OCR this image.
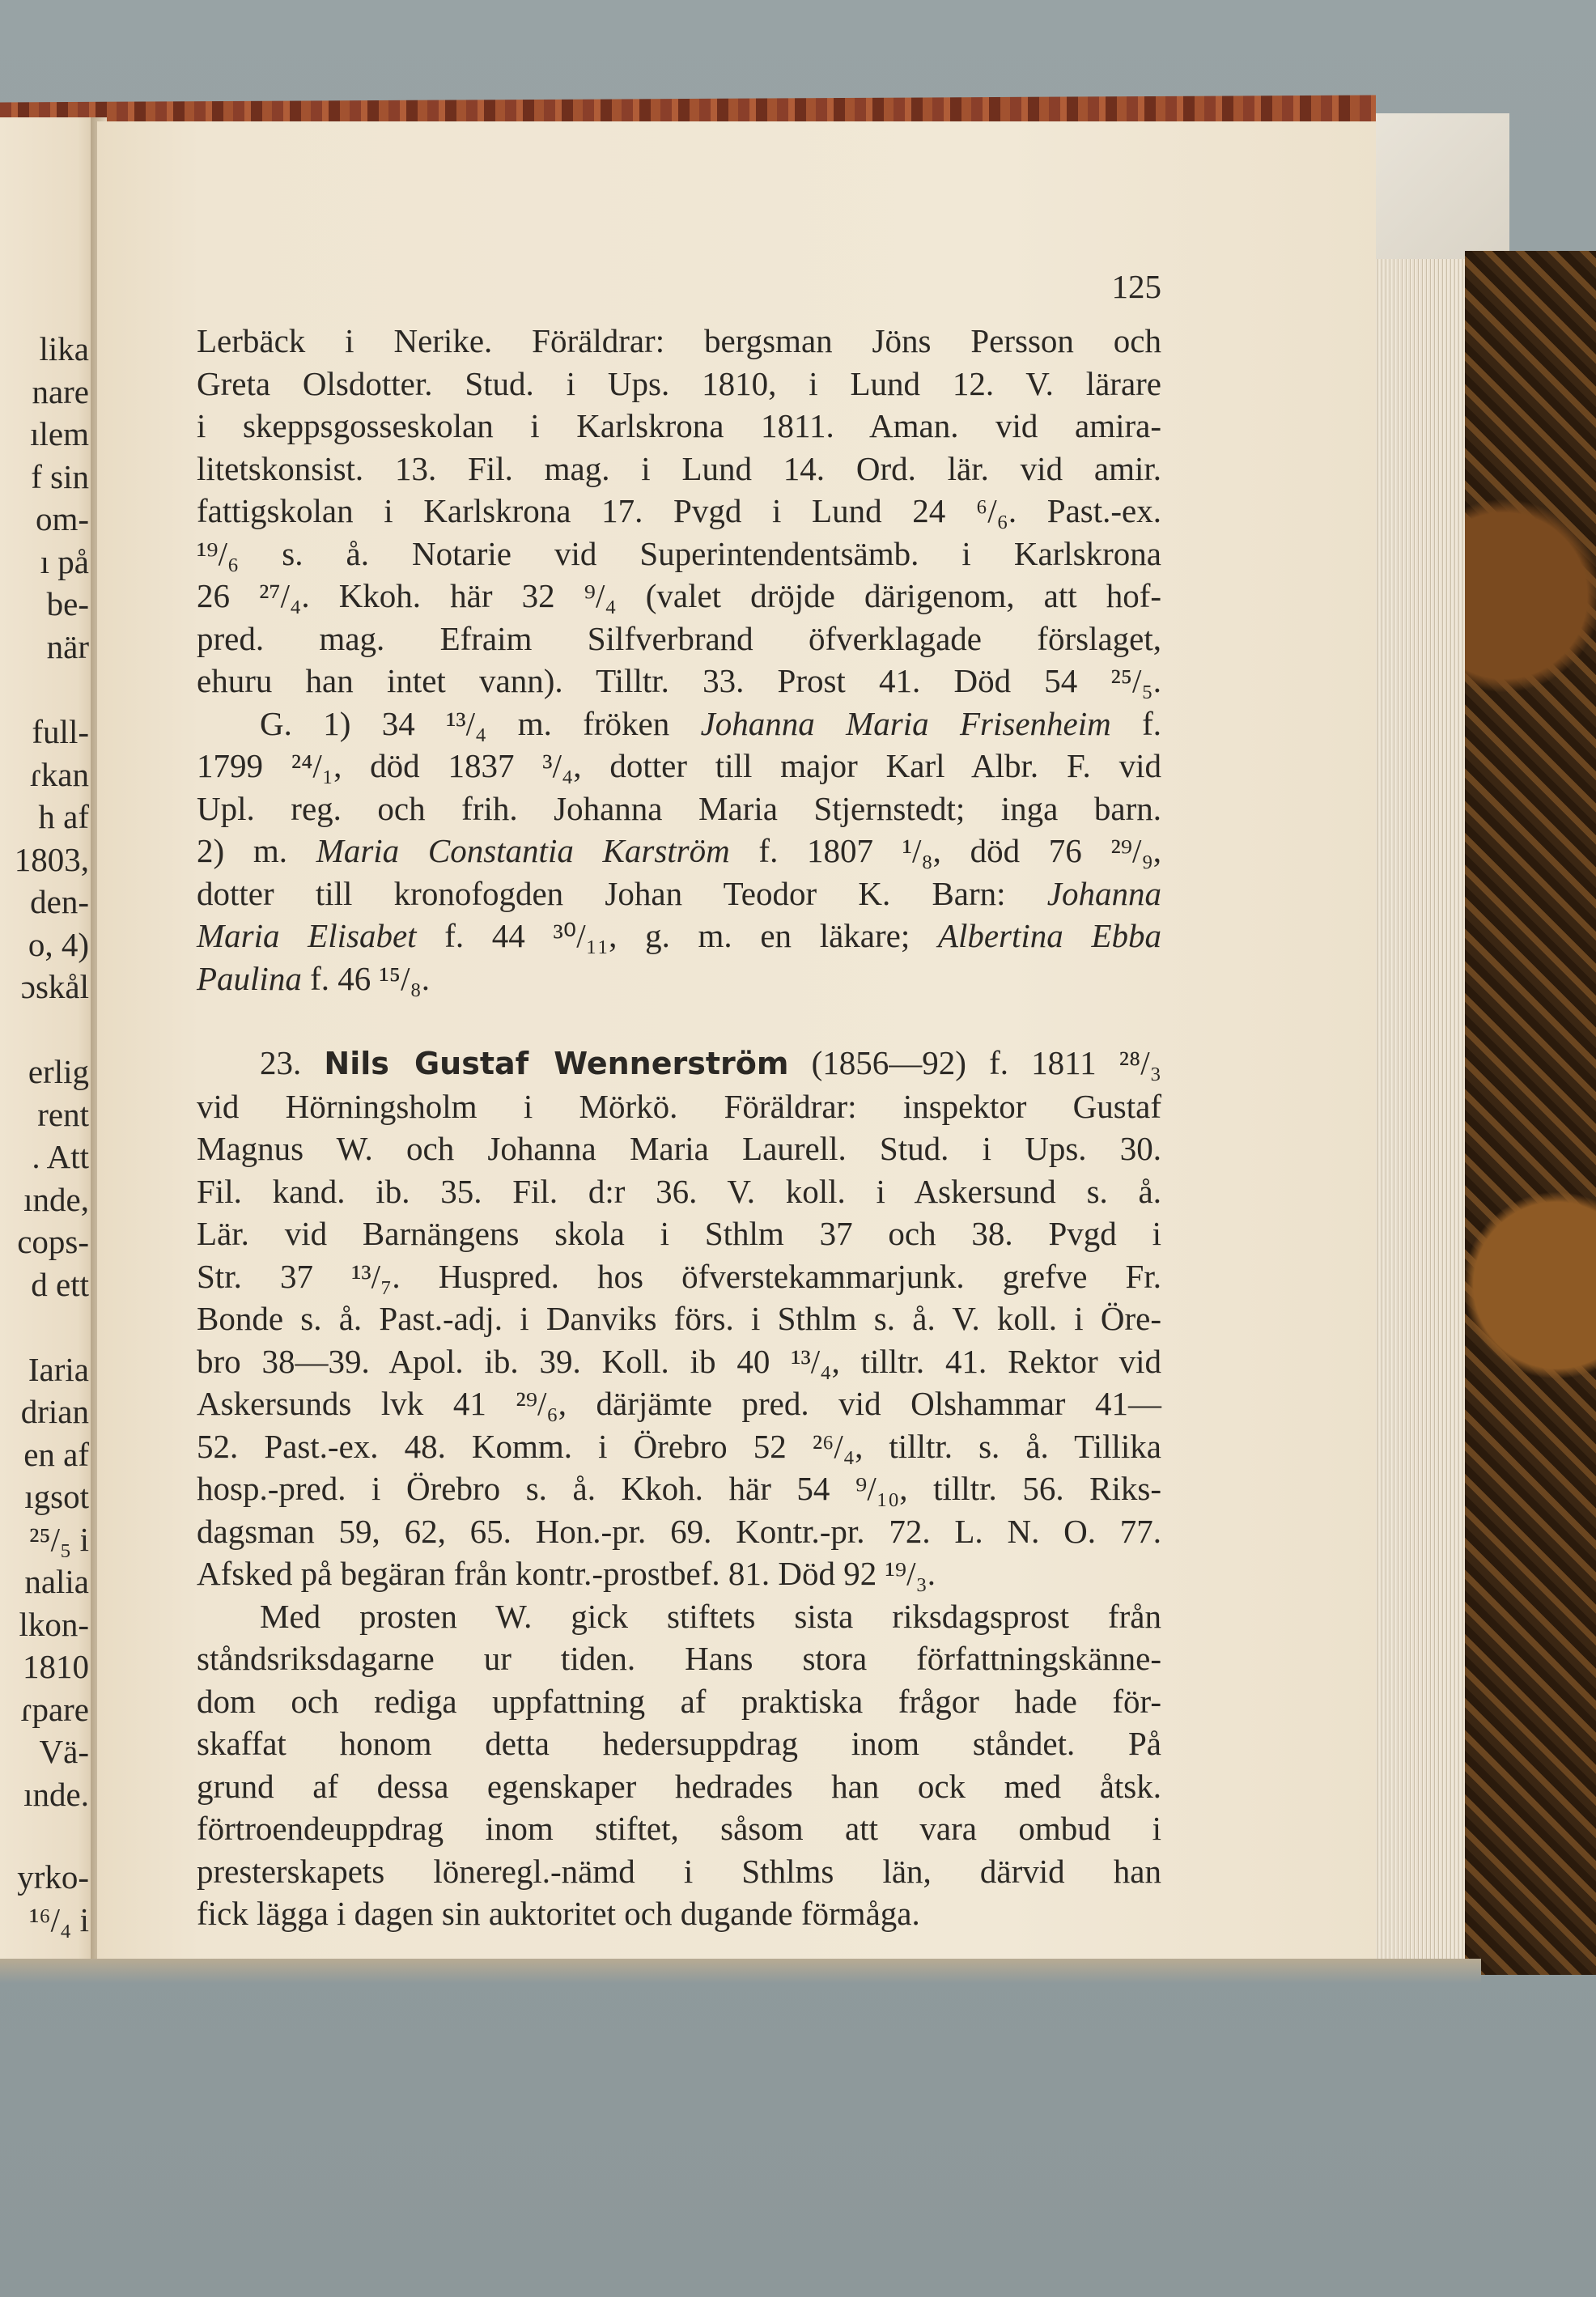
lika
nare
ılem
f sin
om-
ı på
be-
när
full-
ɾkan
h af
1803,
den-
o, 4)
ɔskål
erlig
rent
. Att
ınde,
cops-
d ett
Iaria
drian
en af
ıgsot
²⁵/₅ i
nalia
lkon-
1810
ɾpare
Vä-
ınde.
yrko-
¹⁶/₄ i
125
Lerbäck i Nerike. Föräldrar: bergsman Jöns Persson och
Greta Olsdotter. Stud. i Ups. 1810, i Lund 12. V. lärare
i skeppsgosseskolan i Karlskrona 1811. Aman. vid amira-
litetskonsist. 13. Fil. mag. i Lund 14. Ord. lär. vid amir.
fattigskolan i Karlskrona 17. Pvgd i Lund 24 ⁶/₆. Past.-ex.
¹⁹/₆ s. å. Notarie vid Superintendentsämb. i Karlskrona
26 ²⁷/₄. Kkoh. här 32 ⁹/₄ (valet dröjde därigenom, att hof-
pred. mag. Efraim Silfverbrand öfverklagade förslaget,
ehuru han intet vann). Tilltr. 33. Prost 41. Död 54 ²⁵/₅.
G. 1) 34 ¹³/₄ m. fröken Johanna Maria Frisenheim f.
1799 ²⁴/₁, död 1837 ³/₄, dotter till major Karl Albr. F. vid
Upl. reg. och frih. Johanna Maria Stjernstedt; inga barn.
2) m. Maria Constantia Karström f. 1807 ¹/₈, död 76 ²⁹/₉,
dotter till kronofogden Johan Teodor K. Barn: Johanna
Maria Elisabet f. 44 ³⁰/₁₁, g. m. en läkare; Albertina Ebba
Paulina f. 46 ¹⁵/₈.
23. Nils Gustaf Wennerström (1856—92) f. 1811 ²⁸/₃
vid Hörningsholm i Mörkö. Föräldrar: inspektor Gustaf
Magnus W. och Johanna Maria Laurell. Stud. i Ups. 30.
Fil. kand. ib. 35. Fil. d:r 36. V. koll. i Askersund s. å.
Lär. vid Barnängens skola i Sthlm 37 och 38. Pvgd i
Str. 37 ¹³/₇. Huspred. hos öfverstekammarjunk. grefve Fr.
Bonde s. å. Past.-adj. i Danviks förs. i Sthlm s. å. V. koll. i Öre-
bro 38—39. Apol. ib. 39. Koll. ib 40 ¹³/₄, tilltr. 41. Rektor vid
Askersunds lvk 41 ²⁹/₆, därjämte pred. vid Olshammar 41—
52. Past.-ex. 48. Komm. i Örebro 52 ²⁶/₄, tilltr. s. å. Tillika
hosp.-pred. i Örebro s. å. Kkoh. här 54 ⁹/₁₀, tilltr. 56. Riks-
dagsman 59, 62, 65. Hon.-pr. 69. Kontr.-pr. 72. L. N. O. 77.
Afsked på begäran från kontr.-prostbef. 81. Död 92 ¹⁹/₃.
Med prosten W. gick stiftets sista riksdagsprost från
ståndsriksdagarne ur tiden. Hans stora författningskänne-
dom och rediga uppfattning af praktiska frågor hade för-
skaffat honom detta hedersuppdrag inom ståndet. På
grund af dessa egenskaper hedrades han ock med åtsk.
förtroendeuppdrag inom stiftet, såsom att vara ombud i
presterskapets löneregl.-nämd i Sthlms län, därvid han
fick lägga i dagen sin auktoritet och dugande förmåga.
